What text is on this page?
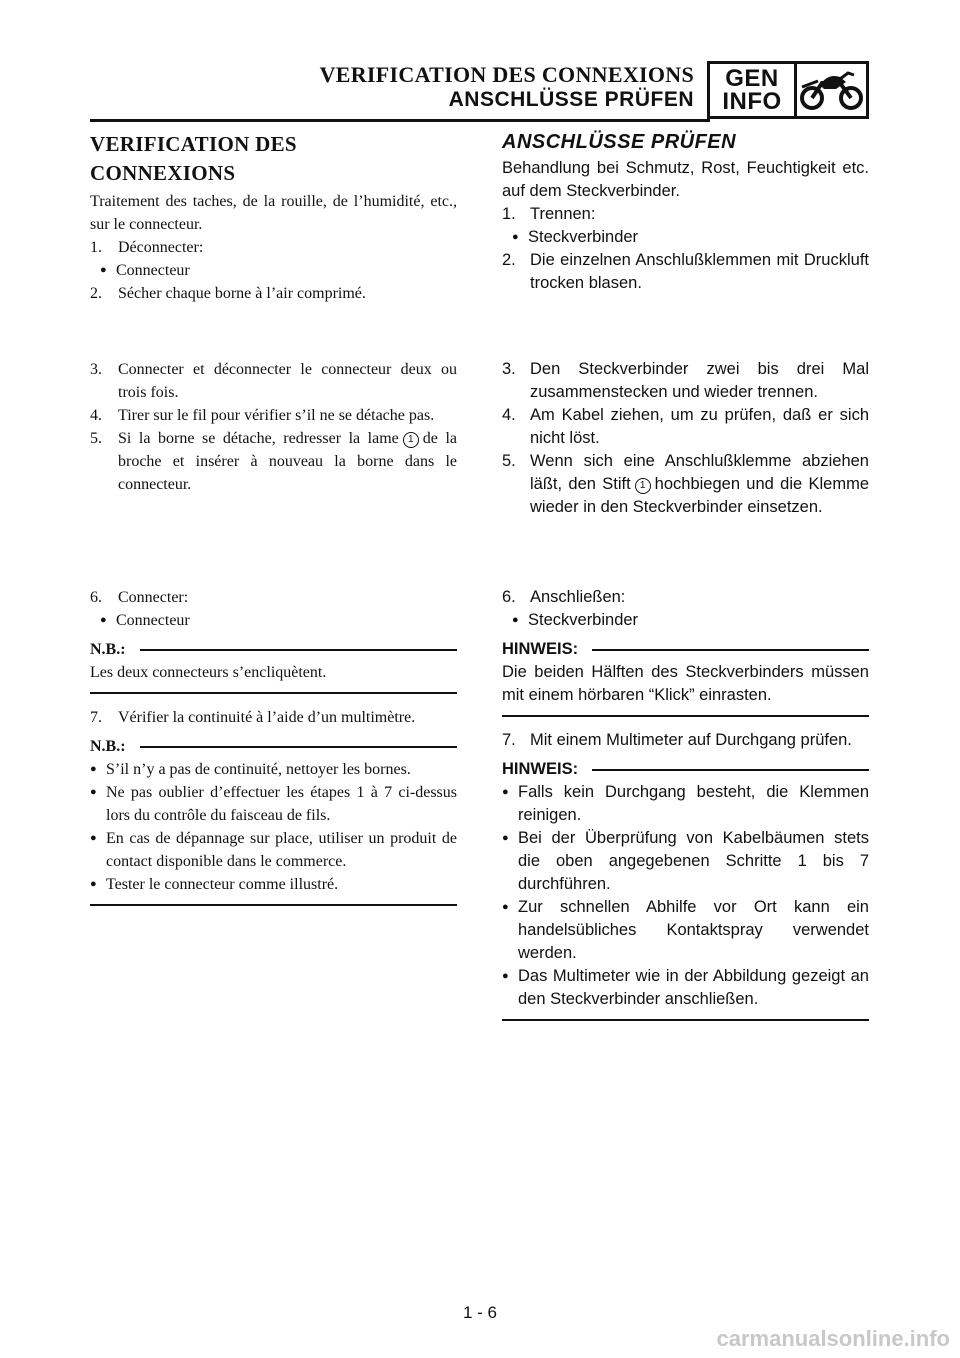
VERIFICATION DES CONNEXIONS
ANSCHLÜSSE PRÜFEN
GEN
INFO
VERIFICATION DES
CONNEXIONS

Traitement des taches, de la rouille, de l’humidité, etc., sur le connecteur.

1.	Déconnecter:
● Connecteur
2.	Sécher chaque borne à l’air comprimé.
3.	Connecter et déconnecter le connecteur deux ou trois fois.
4.	Tirer sur le fil pour vérifier s’il ne se détache pas.
5.	Si la borne se détache, redresser la lame 1 de la broche et insérer à nouveau la borne dans le connecteur.
6.	Connecter:
● Connecteur
N.B.:

Les deux connecteurs s’encliquètent.

7.	Vérifier la continuité à l’aide d’un multimètre.
N.B.:
● S’il n’y a pas de continuité, nettoyer les bornes.
● Ne pas oublier d’effectuer les étapes 1 à 7 ci-dessus lors du contrôle du faisceau de fils.
● En cas de dépannage sur place, utiliser un produit de contact disponible dans le commerce.
● Tester le connecteur comme illustré.
ANSCHLÜSSE PRÜFEN

Behandlung bei Schmutz, Rost, Feuchtigkeit etc. auf dem Steckverbinder.

1. Trennen:
● Steckverbinder
2. Die einzelnen Anschlußklemmen mit Druckluft trocken blasen.
3. Den Steckverbinder zwei bis drei Mal zusammenstecken und wieder trennen.
4. Am Kabel ziehen, um zu prüfen, daß er sich nicht löst.
5. Wenn sich eine Anschlußklemme abziehen läßt, den Stift 1 hochbiegen und die Klemme wieder in den Steckverbinder einsetzen.
6. Anschließen:
● Steckverbinder
HINWEIS:

Die beiden Hälften des Steckverbinders müssen mit einem hörbaren “Klick” einrasten.

7. Mit einem Multimeter auf Durchgang prüfen.
HINWEIS:
● Falls kein Durchgang besteht, die Klemmen reinigen.
● Bei der Überprüfung von Kabelbäumen stets die oben angegebenen Schritte 1 bis 7 durchführen.
● Zur schnellen Abhilfe vor Ort kann ein handelsübliches Kontaktspray verwendet werden.
● Das Multimeter wie in der Abbildung gezeigt an den Steckverbinder anschließen.
1 - 6
carmanualsonline.info
